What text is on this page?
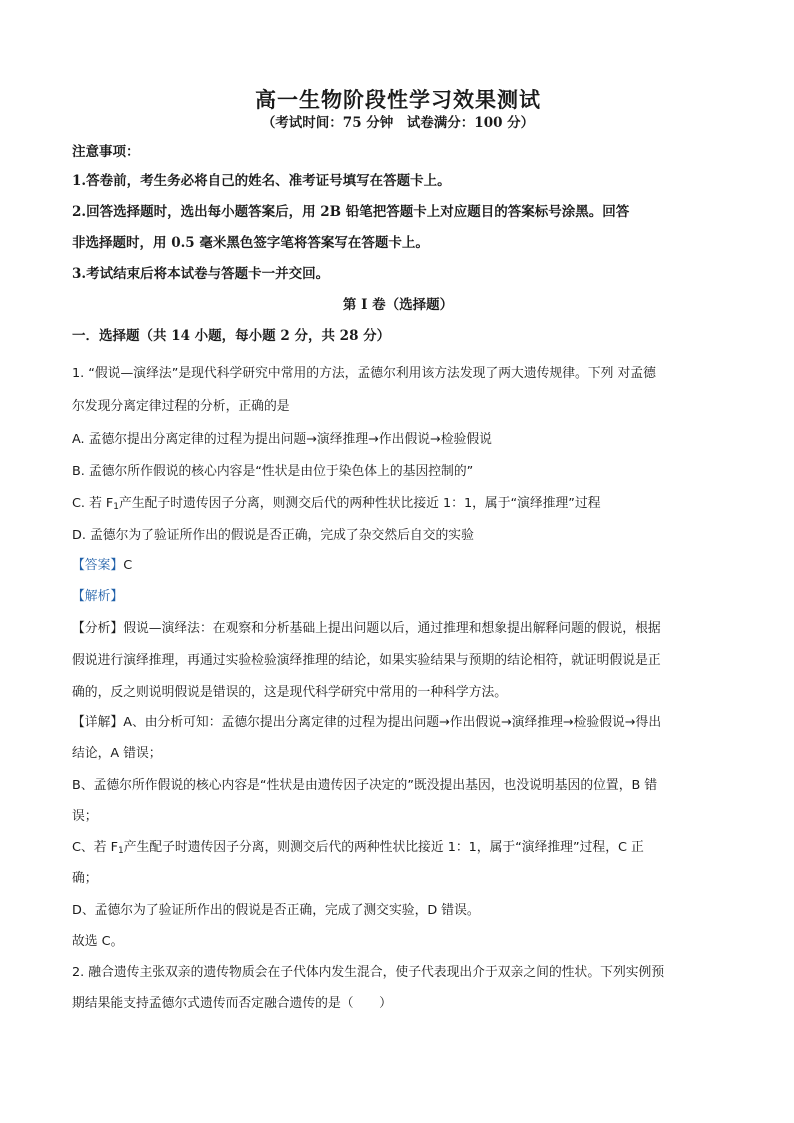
高一生物阶段性学习效果测试
（考试时间：75 分钟　试卷满分：100 分）
注意事项：
1.答卷前，考生务必将自己的姓名、准考证号填写在答题卡上。
2.回答选择题时，选出每小题答案后，用 2B 铅笔把答题卡上对应题目的答案标号涂黑。回答
非选择题时，用 0.5 毫米黑色签字笔将答案写在答题卡上。
3.考试结束后将本试卷与答题卡一并交回。
第 I 卷（选择题）
一．选择题（共 14 小题，每小题 2 分，共 28 分）
1. “假说—演绎法”是现代科学研究中常用的方法，孟德尔利用该方法发现了两大遗传规律。下列 对孟德
尔发现分离定律过程的分析，正确的是
A. 孟德尔提出分离定律的过程为提出问题→演绎推理→作出假说→检验假说
B. 孟德尔所作假说的核心内容是“性状是由位于染色体上的基因控制的”
C. 若 $F_1$产生配子时遗传因子分离，则测交后代的两种性状比接近 1：1，属于“演绎推理”过程
D. 孟德尔为了验证所作出的假说是否正确，完成了杂交然后自交的实验
【答案】C
【解析】
【分析】假说—演绎法：在观察和分析基础上提出问题以后，通过推理和想象提出解释问题的假说，根据
假说进行演绎推理，再通过实验检验演绎推理的结论，如果实验结果与预期的结论相符，就证明假说是正
确的，反之则说明假说是错误的，这是现代科学研究中常用的一种科学方法。
【详解】A、由分析可知：孟德尔提出分离定律的过程为提出问题→作出假说→演绎推理→检验假说→得出
结论，A 错误；
B、孟德尔所作假说的核心内容是“性状是由遗传因子决定的”既没提出基因，也没说明基因的位置，B 错
误；
C、若 $F_1$产生配子时遗传因子分离，则测交后代的两种性状比接近 1：1，属于“演绎推理”过程，C 正
确；
D、孟德尔为了验证所作出的假说是否正确，完成了测交实验，D 错误。
故选 C。
2. 融合遗传主张双亲的遗传物质会在子代体内发生混合，使子代表现出介于双亲之间的性状。下列实例预
期结果能支持孟德尔式遗传而否定融合遗传的是（　　）
